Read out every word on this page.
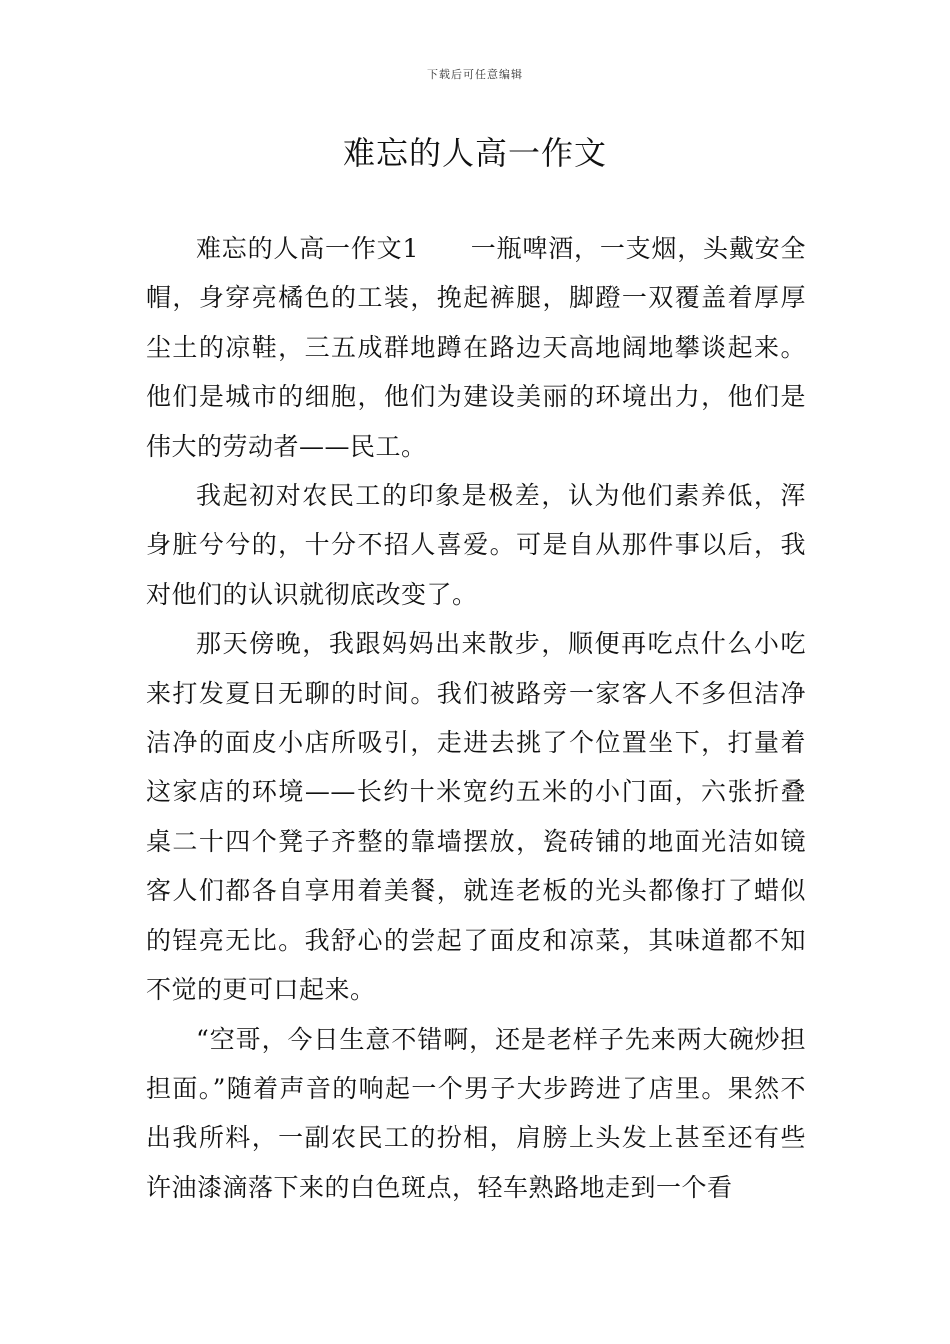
下载后可任意编辑
难忘的人高一作文

难忘的人高一作文1　　一瓶啤酒，一支烟，头戴安全帽，身穿亮橘色的工装，挽起裤腿，脚蹬一双覆盖着厚厚尘土的凉鞋，三五成群地蹲在路边天高地阔地攀谈起来。他们是城市的细胞，他们为建设美丽的环境出力，他们是伟大的劳动者——民工。

我起初对农民工的印象是极差，认为他们素养低，浑身脏兮兮的，十分不招人喜爱。可是自从那件事以后，我对他们的认识就彻底改变了。

那天傍晚，我跟妈妈出来散步，顺便再吃点什么小吃来打发夏日无聊的时间。我们被路旁一家客人不多但洁净洁净的面皮小店所吸引，走进去挑了个位置坐下，打量着这家店的环境——长约十米宽约五米的小门面，六张折叠桌二十四个凳子齐整的靠墙摆放，瓷砖铺的地面光洁如镜客人们都各自享用着美餐，就连老板的光头都像打了蜡似的锃亮无比。我舒心的尝起了面皮和凉菜，其味道都不知不觉的更可口起来。

“空哥，今日生意不错啊，还是老样子先来两大碗炒担担面。”随着声音的响起一个男子大步跨进了店里。果然不出我所料，一副农民工的扮相，肩膀上头发上甚至还有些许油漆滴落下来的白色斑点，轻车熟路地走到一个看
